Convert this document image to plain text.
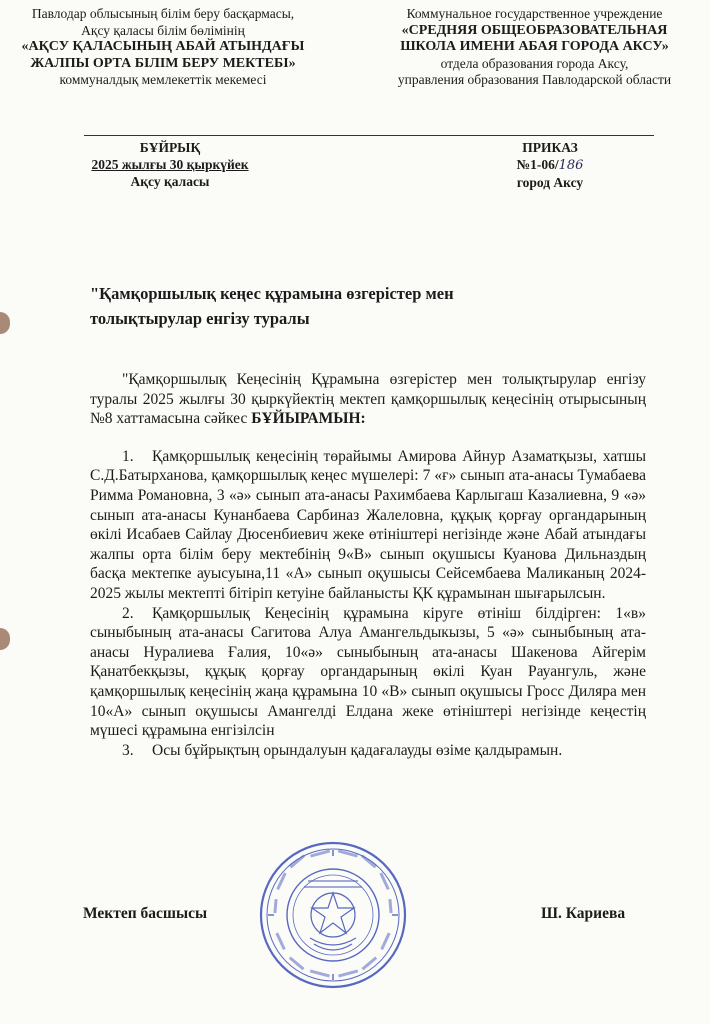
Павлодар облысының білім беру басқармасы,
Ақсу қаласы білім бөлімінің
«АҚСУ ҚАЛАСЫНЫҢ АБАЙ АТЫНДАҒЫ
ЖАЛПЫ ОРТА БІЛІМ БЕРУ МЕКТЕБІ»
коммуналдық мемлекеттік мекемесі
Коммунальное государственное учреждение
«СРЕДНЯЯ ОБЩЕОБРАЗОВАТЕЛЬНАЯ
ШКОЛА ИМЕНИ АБАЯ ГОРОДА АКСУ»
отдела образования города Аксу,
управления образования Павлодарской области
БҰЙРЫҚ
2025 жылғы 30 қыркүйек
Ақсу қаласы
ПРИКАЗ
№1-06/186
город Аксу
"Қамқоршылық кеңес құрамына өзгерістер мен
толықтырулар енгізу туралы

"Қамқоршылық Кеңесінің Құрамына өзгерістер мен толықтырулар енгізу туралы 2025 жылғы 30 қыркүйектің мектеп қамқоршылық кеңесінің отырысының №8 хаттамасына сәйкес БҰЙЫРАМЫН:

1. Қамқоршылық кеңесінің төрайымы Амирова Айнур Азаматқызы, хатшы С.Д.Батырханова, қамқоршылық кеңес мүшелері: 7 «ғ» сынып ата-анасы Тумабаева Римма Романовна, 3 «ә» сынып ата-анасы Рахимбаева Карлыгаш Казалиевна, 9 «ә» сынып ата-анасы Кунанбаева Сарбиназ Жалеловна, құқық қорғау органдарының өкілі Исабаев Сайлау Дюсенбиевич жеке өтініштері негізінде және Абай атындағы жалпы орта білім беру мектебінің 9«В» сынып оқушысы Куанова Дильназдың басқа мектепке ауысуына,11 «А» сынып оқушысы Сейсембаева Маликаның 2024-2025 жылы мектепті бітіріп кетуіне байланысты ҚК құрамынан шығарылсын.

2. Қамқоршылық Кеңесінің құрамына кіруге өтініш білдірген: 1«в» сыныбының ата-анасы Сагитова Алуа Амангельдыкызы, 5 «ә» сыныбының ата-анасы Нуралиева Ғалия, 10«ә» сыныбының ата-анасы Шакенова Айгерім Қанатбекқызы, құқық қорғау органдарының өкілі Куан Рауангуль, және қамқоршылық кеңесінің жаңа құрамына 10 «В» сынып оқушысы Гросс Диляра мен 10«А» сынып оқушысы Амангелді Елдана жеке өтініштері негізінде кеңестің мүшесі құрамына енгізілсін

3. Осы бұйрықтың орындалуын қадағалауды өзіме қалдырамын.

Мектеп басшысы	Ш. Кариева
